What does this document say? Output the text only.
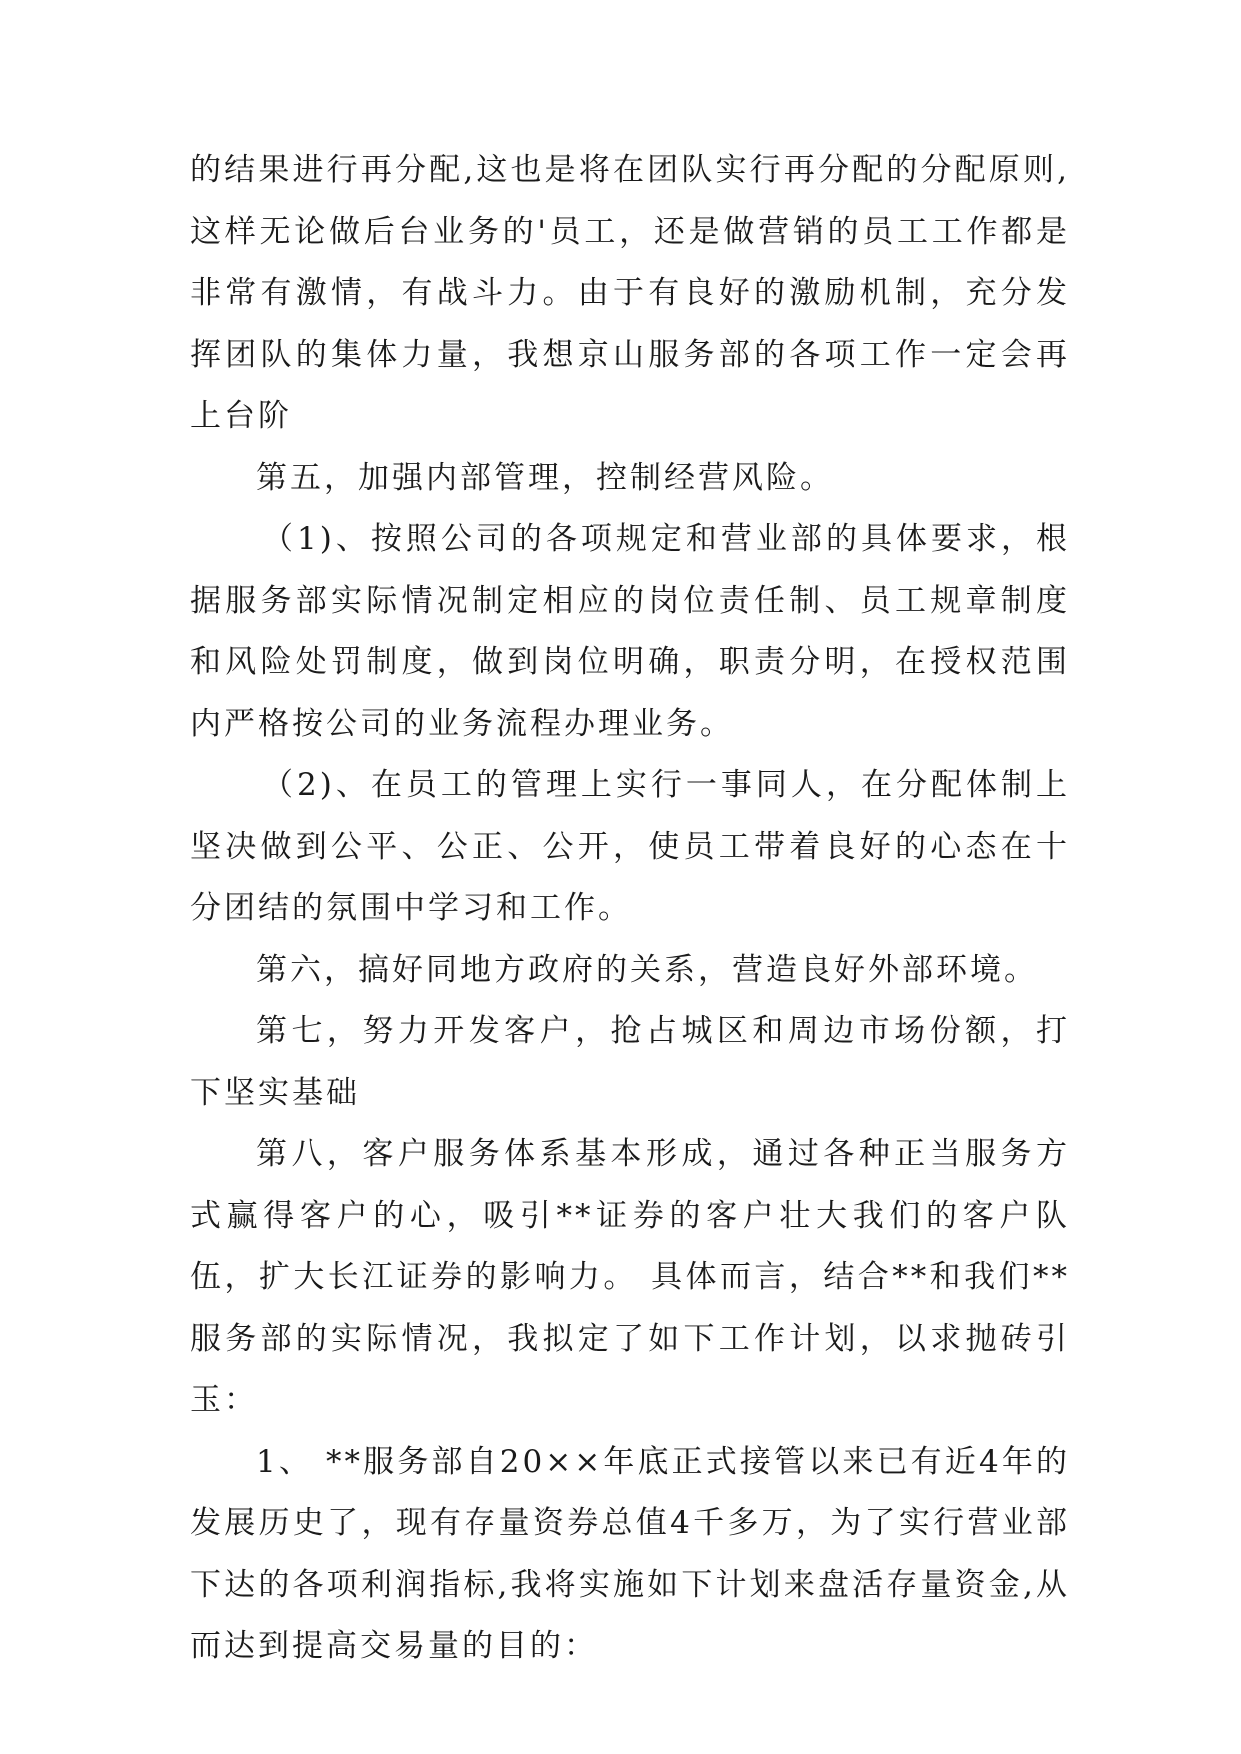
的结果进行再分配,这也是将在团队实行再分配的分配原则,这样无论做后台业务的'员工，还是做营销的员工工作都是非常有激情，有战斗力。由于有良好的激励机制，充分发挥团队的集体力量，我想京山服务部的各项工作一定会再上台阶

第五，加强内部管理，控制经营风险。

（1)、按照公司的各项规定和营业部的具体要求，根据服务部实际情况制定相应的岗位责任制、员工规章制度和风险处罚制度，做到岗位明确，职责分明，在授权范围内严格按公司的业务流程办理业务。

（2)、在员工的管理上实行一事同人，在分配体制上坚决做到公平、公正、公开，使员工带着良好的心态在十分团结的氛围中学习和工作。

第六，搞好同地方政府的关系，营造良好外部环境。

第七，努力开发客户，抢占城区和周边市场份额，打下坚实基础

第八，客户服务体系基本形成，通过各种正当服务方式赢得客户的心，吸引**证券的客户壮大我们的客户队伍，扩大长江证券的影响力。 具体而言，结合**和我们**服务部的实际情况，我拟定了如下工作计划，以求抛砖引玉：

1、 **服务部自20××年底正式接管以来已有近4年的发展历史了，现有存量资券总值4千多万，为了实行营业部下达的各项利润指标,我将实施如下计划来盘活存量资金,从而达到提高交易量的目的：
